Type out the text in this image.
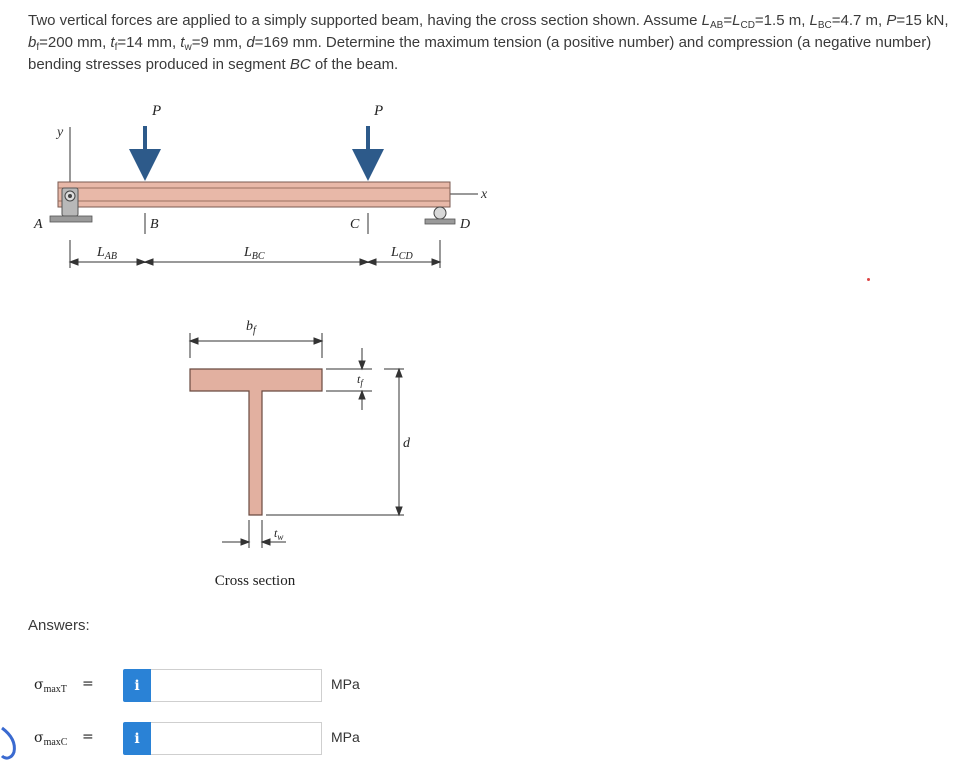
Two vertical forces are applied to a simply supported beam, having the cross section shown. Assume $L_{AB}=L_{CD}=1.5$ m, $L_{BC}=4.7$ m, P=15 kN, $b_f=200$ mm, $t_f=14$ mm, $t_w=9$ mm, d=169 mm. Determine the maximum tension (a positive number) and compression (a negative number) bending stresses produced in segment BC of the beam.
y
x
P	P
A	B	C	D
$L_{AB}$	$L_{BC}$	$L_{CD}$
$b_f$
$t_f$
d
$t_w$
Cross section
Answers:
$\sigma_{maxT}$ =	i	MPa
$\sigma_{maxC}$ =	i	MPa
